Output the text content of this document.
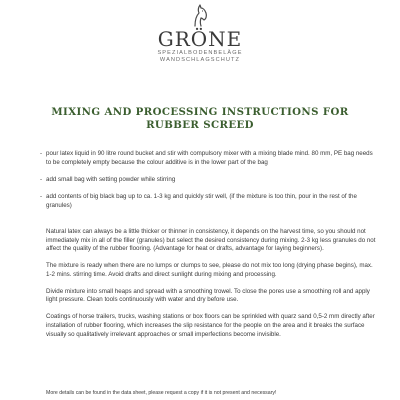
GRÖNE
SPEZIALBODENBELÄGE
WANDSCHLAGSCHUTZ
MIXING AND PROCESSING INSTRUCTIONS FOR
RUBBER SCREED
- pour latex liquid in 90 litre round bucket and stir with compulsory mixer with a mixing blade mind. 80 mm, PE bag needs to be completely empty because the colour additive is in the lower part of the bag
- add small bag with setting powder while stirring
- add contents of big black bag up to ca. 1-3 kg and quickly stir well, (if the mixture is too thin, pour in the rest of the granules)

Natural latex can always be a little thicker or thinner in consistency, it depends on the harvest time, so you should not immediately mix in all of the filler (granules) but select the desired consistency during mixing. 2-3 kg less granules do not affect the quality of the rubber flooring. (Advantage for heat or drafts, advantage for laying beginners).

The mixture is ready when there are no lumps or clumps to see, please do not mix too long (drying phase begins), max. 1-2 mins. stirring time. Avoid drafts and direct sunlight during mixing and processing.

Divide mixture into small heaps and spread with a smoothing trowel. To close the pores use a smoothing roll and apply light pressure. Clean tools continuously with water and dry before use.

Coatings of horse trailers, trucks, washing stations or box floors can be sprinkled with quarz sand 0,5-2 mm directly after installation of rubber flooring, which increases the slip resistance for the people on the area and it breaks the surface visually so qualitatively irrelevant approaches or small imperfections become invisible.

More details can be found in the data sheet, please request a copy if it is not present and necessary!
